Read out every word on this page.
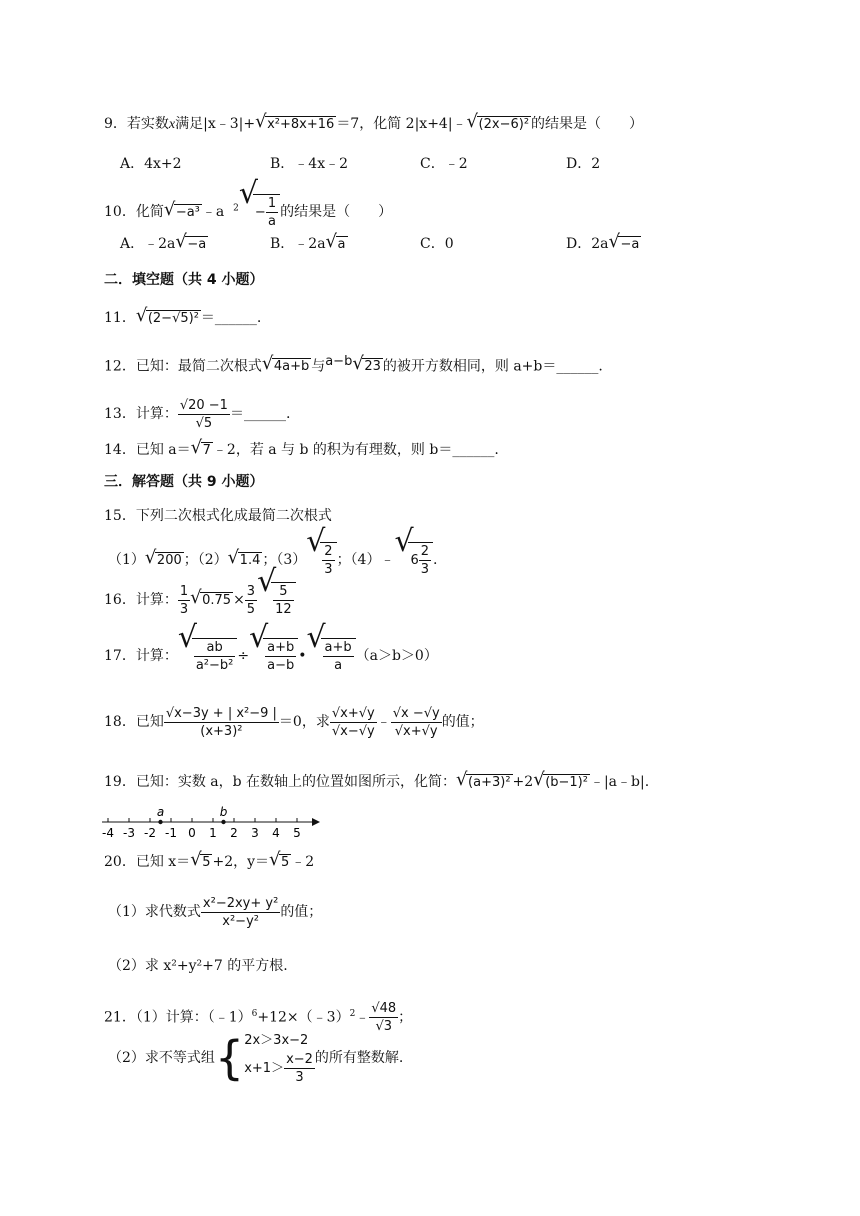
9．若实数x满足|x﹣3|+ √ x²+8x+16 ＝7，化简 2|x+4|﹣ √ (2x−6)² 的结果是（　　）
A．4x+2	B．﹣4x﹣2	C．﹣2	D．2
10．化简 √ −a³ ﹣a $^2$ √
− $\frac{1}{a}$ 的结果是（　　）
A．﹣2a √ −a	B．﹣2a √ a	C．0	D．2a √ −a
二．填空题（共 4 小题）
11． √ (2−√5)² ＝______.
12．已知：最简二次根式 √ 4a+b 与$^{a-b}$ √ 23 的被开方数相同，则 a+b＝______.
13．计算： $\frac{√20 -1}{√5}$ ＝______.
14．已知 a＝ √ 7 ﹣2，若 a 与 b 的积为有理数，则 b＝______.
三．解答题（共 9 小题）
15．下列二次根式化成最简二次根式
（1） √ 200 ；（2） √ 1.4 ；（3）
√
$\frac{2}{3}$ ；（4）﹣
√
$6 \frac{2}{3}$ .
16．计算： $\frac{1}{3}$ √ $0.75 \times \frac{3}{5}$
√
$\frac{5}{12}$
17．计算：
√
$\frac{ab}{\text{a²−b²}}$ ÷
√
$\frac{a+b}{a-b}$ •
√
$\frac{a+b}{a} (a>b>0)$
18．已知 $\frac{\text{√x−3y + | x²−9 |}}{\text{(x+3)²}} =0$，求 $\frac{√x+√y}{√x-√y}$ ﹣ $\frac{√x -√y}{√x+√y}$ 的值；
19．已知：实数 a，b 在数轴上的位置如图所示，化简： √ (a+3)² +2 √ (b−1)² ﹣|a﹣b|.
-4 -3 -2 -1 0 1 2 3 4 5
a	b
20．已知 x＝ √ 5 +2，y＝ √ 5 ﹣2
（1）求代数式 $\frac{\text{x²−2xy+ y²}}{\text{x²−y²}}$ 的值；
（2）求 x²+y²+7 的平方根.
21．（1）计算：（﹣1）$^6$+12×（﹣3）$^2$﹣ $\frac{√48}{√3}$ ；
（2）求不等式组{ 2x＞3x−2
$x+1> \frac{x-2}{3}$ 的所有整数解.
